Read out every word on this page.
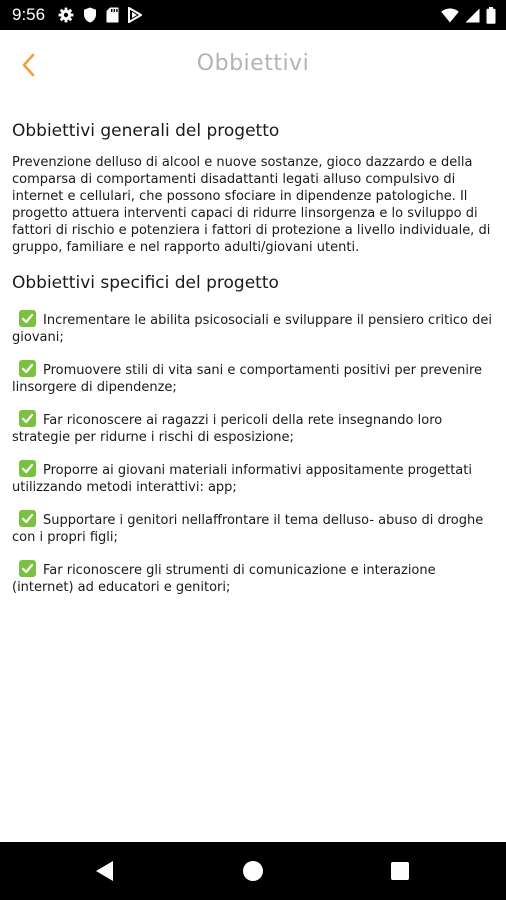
9:56
Obbiettivi
Obbiettivi generali del progetto

Prevenzione delluso di alcool e nuove sostanze, gioco dazzardo e della comparsa di comportamenti disadattanti legati alluso compulsivo di internet e cellulari, che possono sfociare in dipendenze patologiche. Il progetto attuera interventi capaci di ridurre linsorgenza e lo sviluppo di fattori di rischio e potenziera i fattori di protezione a livello individuale, di gruppo, familiare e nel rapporto adulti/giovani utenti.

Obbiettivi specifici del progetto
Incrementare le abilita psicosociali e sviluppare il pensiero critico dei giovani;
Promuovere stili di vita sani e comportamenti positivi per prevenire linsorgere di dipendenze;
Far riconoscere ai ragazzi i pericoli della rete insegnando loro strategie per ridurne i rischi di esposizione;
Proporre ai giovani materiali informativi appositamente progettati utilizzando metodi interattivi: app;
Supportare i genitori nellaffrontare il tema delluso- abuso di droghe con i propri figli;
Far riconoscere gli strumenti di comunicazione e interazione (internet) ad educatori e genitori;
